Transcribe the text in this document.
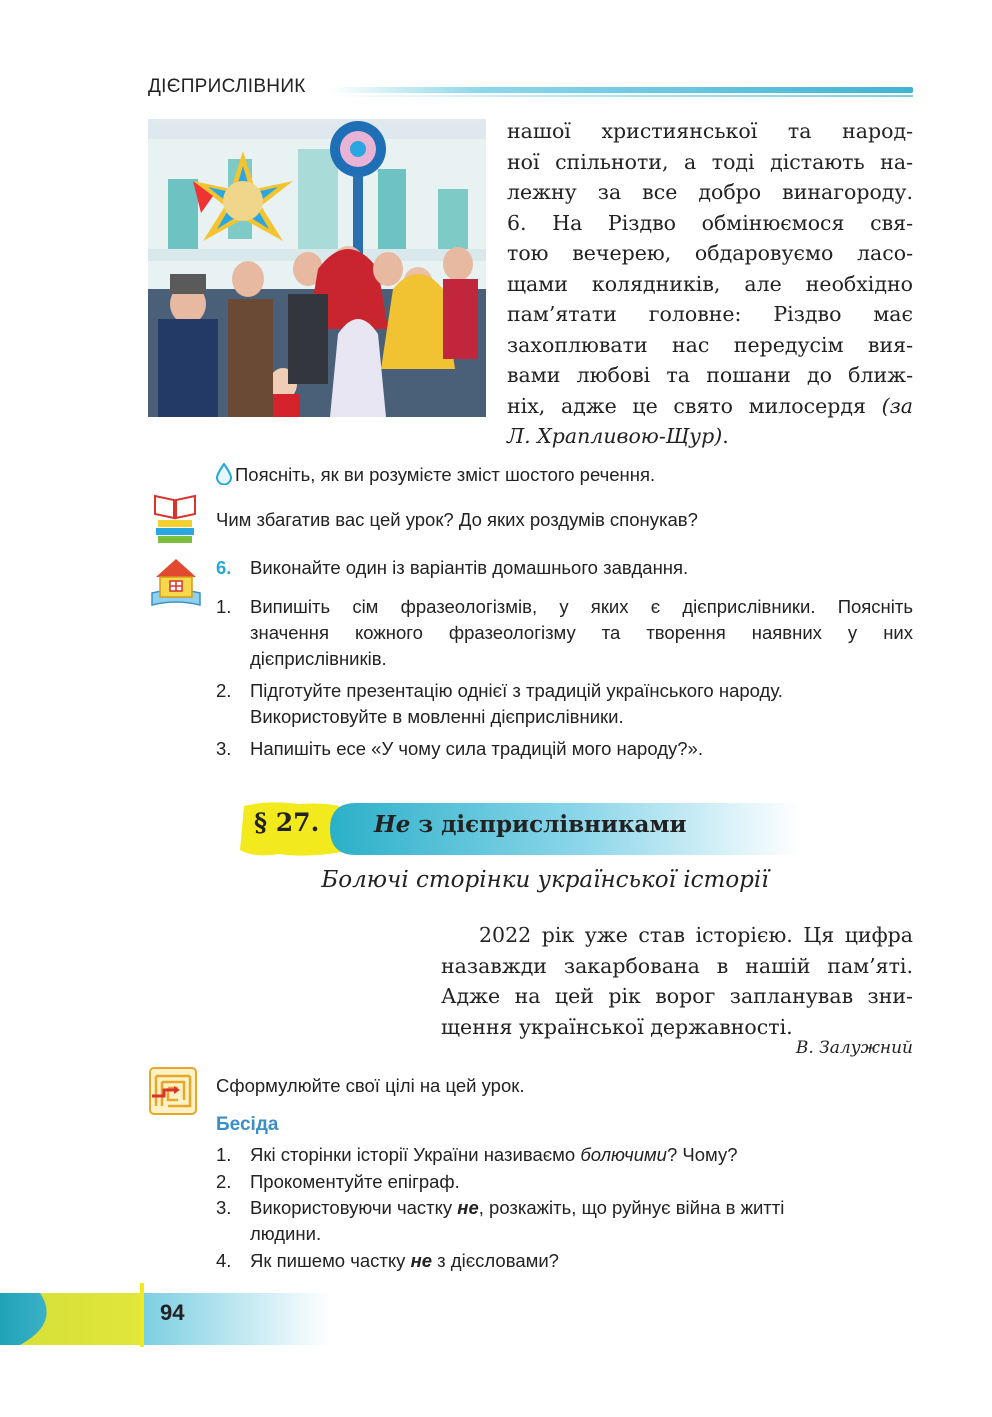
ДІЄПРИСЛІВНИК
нашої християнської та народ-
ної спільноти, а тоді дістають на-
лежну за все добро винагороду.
6. На Різдво обмінюємося свя-
тою вечерею, обдаровуємо ласо-
щами колядників, але необхідно
пам’ятати головне: Різдво має
захоплювати нас передусім вия-
вами любові та пошани до ближ-
ніх, адже це свято милосердя (за
Л. Храпливою-Щур).
Поясніть, як ви розумієте зміст шостого речення.
Чим збагатив вас цей урок? До яких роздумів спонукав?
6. Виконайте один із варіантів домашнього завдання.
1. Випишіть сім фразеологізмів, у яких є дієприслівники. Поясніть
значення кожного фразеологізму та творення наявних у них
дієприслівників.
2. Підготуйте презентацію однієї з традицій українського народу.
Використовуйте в мовленні дієприслівники.
3. Напишіть есе «У чому сила традицій мого народу?».
§ 27. Не з дієприслівниками
Болючі сторінки української історії
2022 рік уже став історією. Ця цифра
назавжди закарбована в нашій пам’яті.
Адже на цей рік ворог запланував зни-
щення української державності.
В. Залужний
Сформулюйте свої цілі на цей урок.
Бесіда
1. Які сторінки історії України називаємо болючими? Чому?
2. Прокоментуйте епіграф.
3. Використовуючи частку не, розкажіть, що руйнує війна в житті
людини.
4. Як пишемо частку не з дієсловами?
94
